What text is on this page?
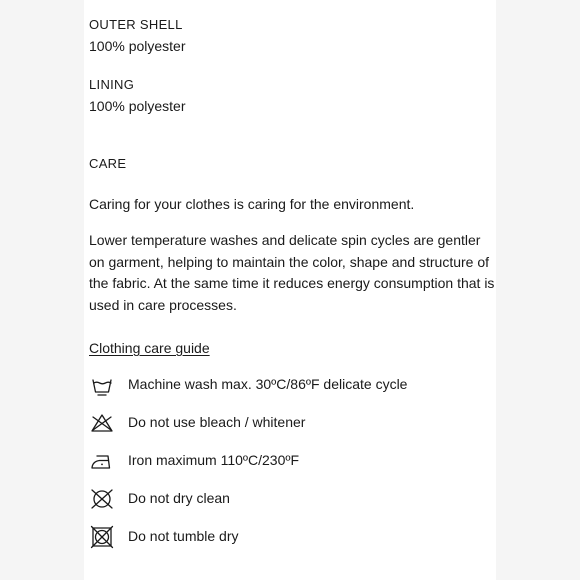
OUTER SHELL
100% polyester
LINING
100% polyester
CARE
Caring for your clothes is caring for the environment.
Lower temperature washes and delicate spin cycles are gentler on garment, helping to maintain the color, shape and structure of the fabric. At the same time it reduces energy consumption that is used in care processes.
Clothing care guide
Machine wash max. 30ºC/86ºF delicate cycle
Do not use bleach / whitener
Iron maximum 110ºC/230ºF
Do not dry clean
Do not tumble dry
